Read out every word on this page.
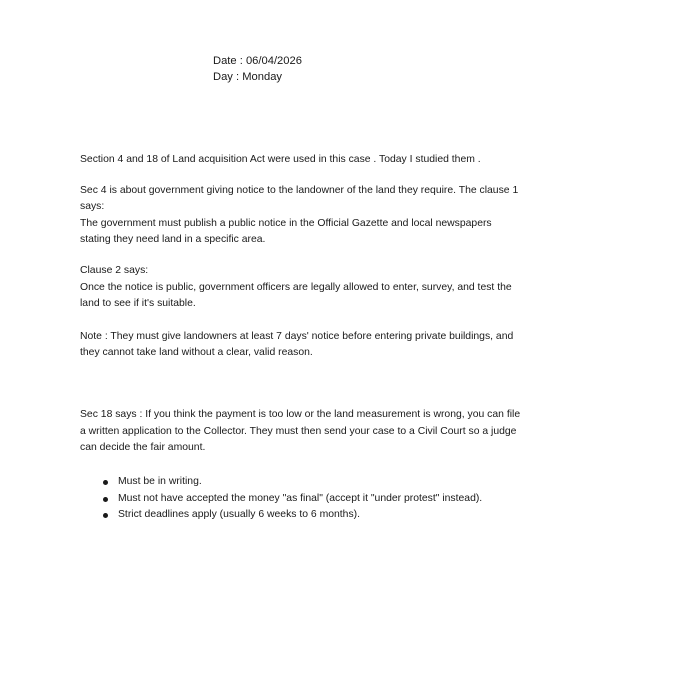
Date : 06/04/2026
Day : Monday
Section 4 and 18 of Land acquisition Act were used in this case . Today I studied them .
Sec 4 is about government giving notice to the landowner of the land they require. The clause 1
says:
The government must publish a public notice in the Official Gazette and local newspapers
stating they need land in a specific area.
Clause 2 says:
Once the notice is public, government officers are legally allowed to enter, survey, and test the
land to see if it's suitable.
Note : They must give landowners at least 7 days' notice before entering private buildings, and
they cannot take land without a clear, valid reason.
Sec 18 says : If you think the payment is too low or the land measurement is wrong, you can file
a written application to the Collector. They must then send your case to a Civil Court so a judge
can decide the fair amount.
Must be in writing.
Must not have accepted the money "as final" (accept it "under protest" instead).
Strict deadlines apply (usually 6 weeks to 6 months).
